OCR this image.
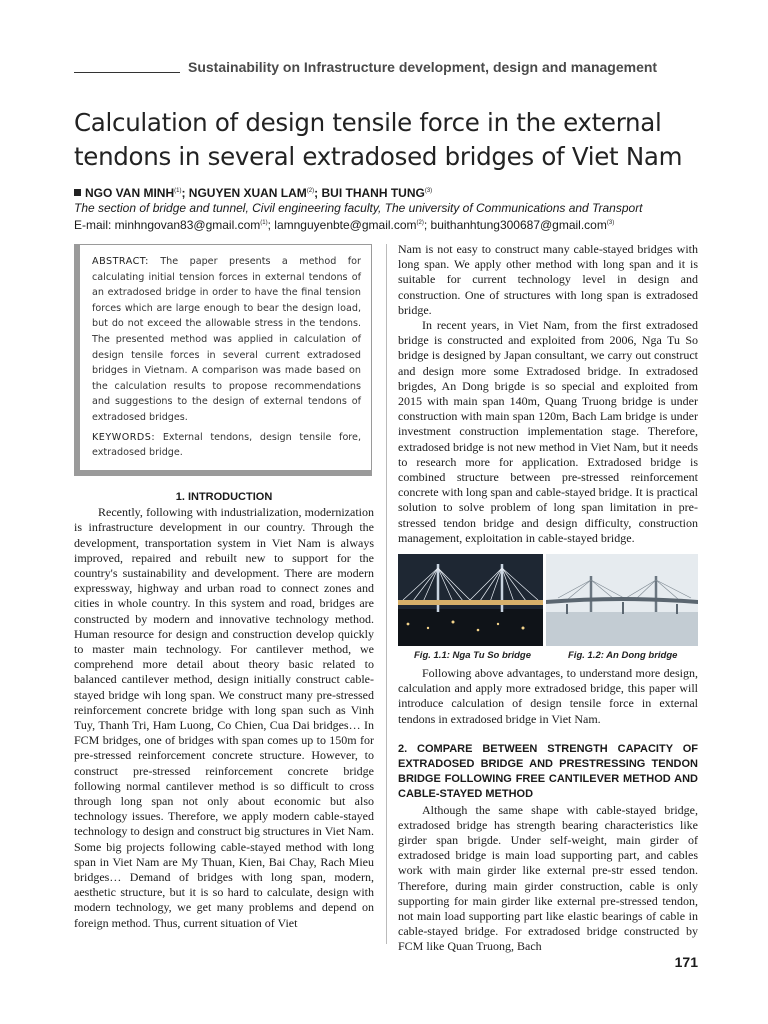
Sustainability on Infrastructure development, design and management
Calculation of design tensile force in the external
tendons in several extradosed bridges of Viet Nam
NGO VAN MINH$^{(1)}$; NGUYEN XUAN LAM$^{(2)}$; BUI THANH TUNG$^{(3)}$
The section of bridge and tunnel, Civil engineering faculty, The university of Communications and Transport
E-mail: minhngovan83@gmail.com$^{(1)}$; lamnguyenbte@gmail.com$^{(2)}$; buithanhtung300687@gmail.com$^{(3)}$

ABSTRACT: The paper presents a method for calculating initial tension forces in external tendons of an extradosed bridge in order to have the final tension forces which are large enough to bear the design load, but do not exceed the allowable stress in the tendons. The presented method was applied in calculation of design tensile forces in several current extradosed bridges in Vietnam. A comparison was made based on the calculation results to propose recommendations and suggestions to the design of external tendons of extradosed bridges.

KEYWORDS: External tendons, design tensile fore, extradosed bridge.

1. INTRODUCTION

Recently, following with industrialization, modernization is infrastructure development in our country. Through the development, transportation system in Viet Nam is always improved, repaired and rebuilt new to support for the country's sustainability and development. There are modern expressway, highway and urban road to connect zones and cities in whole country. In this system and road, bridges are constructed by modern and innovative technology method. Human resource for design and construction develop quickly to master main technology. For cantilever method, we comprehend more detail about theory basic related to balanced cantilever method, design initially construct cable-stayed bridge wih long span. We construct many pre-stressed reinforcement concrete bridge with long span such as Vinh Tuy, Thanh Tri, Ham Luong, Co Chien, Cua Dai bridges… In FCM bridges, one of bridges with span comes up to 150m for pre-stressed reinforcement concrete structure. However, to construct pre-stressed reinforcement concrete bridge following normal cantilever method is so difficult to cross through long span not only about economic but also technology issues. Therefore, we apply modern cable-stayed technology to design and construct big structures in Viet Nam. Some big projects following cable-stayed method with long span in Viet Nam are My Thuan, Kien, Bai Chay, Rach Mieu bridges… Demand of bridges with long span, modern, aesthetic structure, but it is so hard to calculate, design with modern technology, we get many problems and depend on foreign method. Thus, current situation of Viet

Nam is not easy to construct many cable-stayed bridges with long span. We apply other method with long span and it is suitable for current technology level in design and construction. One of structures with long span is extradosed bridge.

In recent years, in Viet Nam, from the first extradosed bridge is constructed and exploited from 2006, Nga Tu So bridge is designed by Japan consultant, we carry out construct and design more some Extradosed bridge. In extradosed brigdes, An Dong brigde is so special and exploited from 2015 with main span 140m, Quang Truong bridge is under construction with main span 120m, Bach Lam bridge is under investment construction implementation stage. Therefore, extradosed bridge is not new method in Viet Nam, but it needs to research more for application. Extradosed bridge is combined structure between pre-stressed reinforcement concrete with long span and cable-stayed bridge. It is practical solution to solve problem of long span limitation in pre-stressed tendon bridge and design difficulty, construction management, exploitation in cable-stayed bridge.

Fig. 1.1: Nga Tu So bridge	Fig. 1.2: An Dong bridge

Following above advantages, to understand more design, calculation and apply more extradosed bridge, this paper will introduce calculation of design tensile force in external tendons in extradosed bridge in Viet Nam.

2. COMPARE BETWEEN STRENGTH CAPACITY OF EXTRADOSED BRIDGE AND PRESTRESSING TENDON BRIDGE FOLLOWING FREE CANTILEVER METHOD AND CABLE-STAYED METHOD

Although the same shape with cable-stayed bridge, extradosed bridge has strength bearing characteristics like girder span brigde. Under self-weight, main girder of extradosed bridge is main load supporting part, and cables work with main girder like external pre-str essed tendon. Therefore, during main girder construction, cable is only supporting for main girder like external pre-stressed tendon, not main load supporting part like elastic bearings of cable in cable-stayed bridge. For extradosed bridge constructed by FCM like Quan Truong, Bach

171
